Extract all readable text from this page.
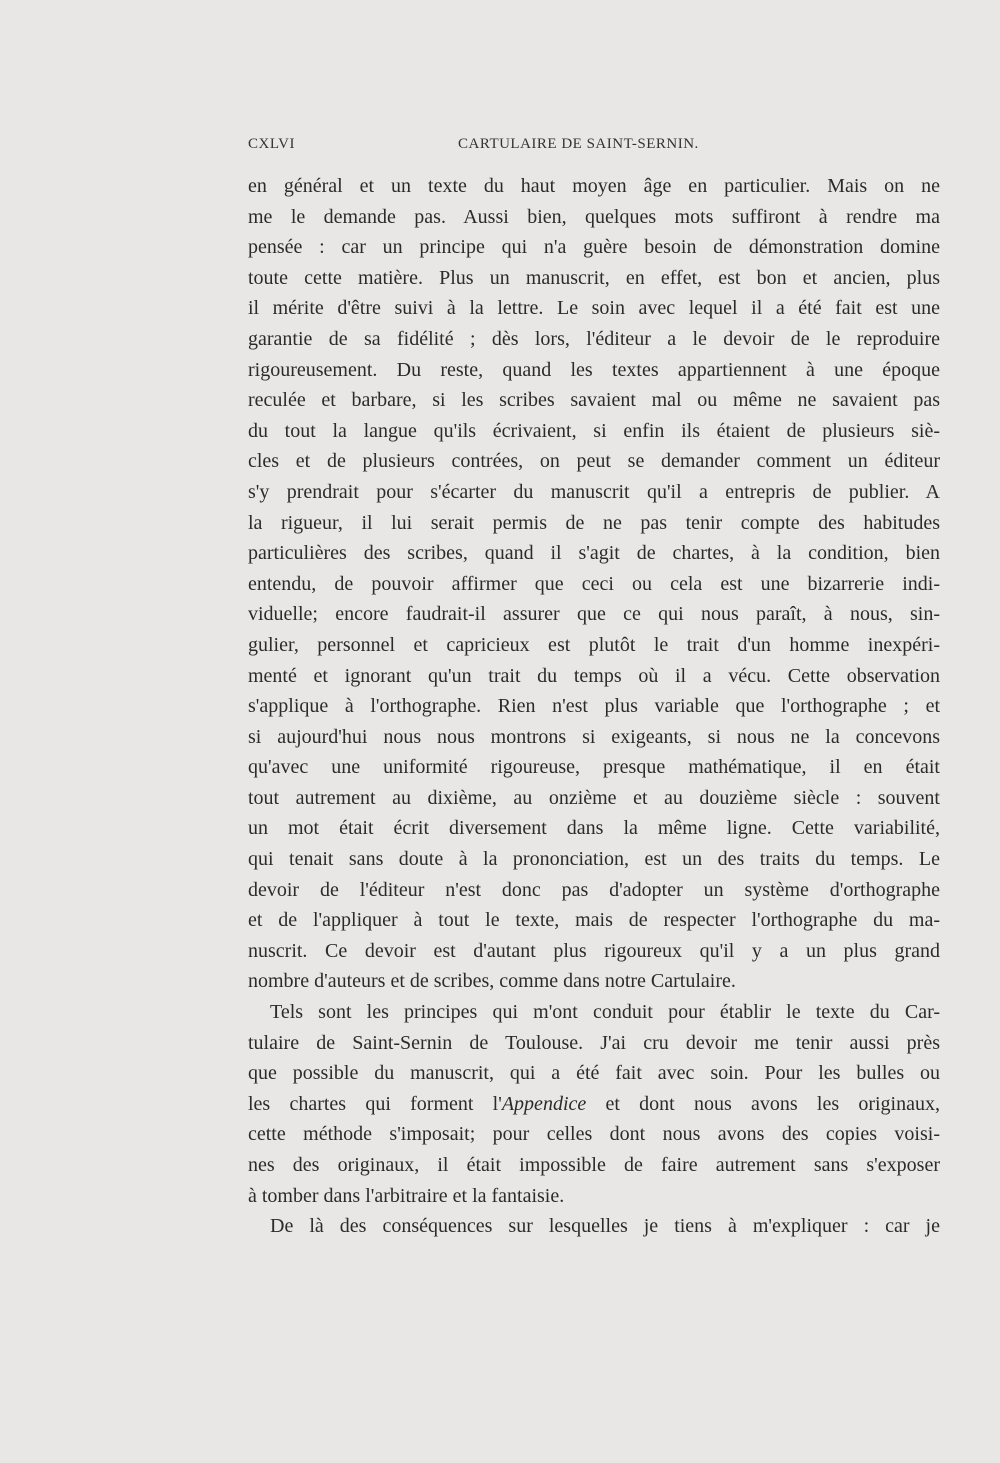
CXLVI	CARTULAIRE DE SAINT-SERNIN.
en général et un texte du haut moyen âge en particulier. Mais on ne
me le demande pas. Aussi bien, quelques mots suffiront à rendre ma
pensée : car un principe qui n'a guère besoin de démonstration domine
toute cette matière. Plus un manuscrit, en effet, est bon et ancien, plus
il mérite d'être suivi à la lettre. Le soin avec lequel il a été fait est une
garantie de sa fidélité ; dès lors, l'éditeur a le devoir de le reproduire
rigoureusement. Du reste, quand les textes appartiennent à une époque
reculée et barbare, si les scribes savaient mal ou même ne savaient pas
du tout la langue qu'ils écrivaient, si enfin ils étaient de plusieurs siè-
cles et de plusieurs contrées, on peut se demander comment un éditeur
s'y prendrait pour s'écarter du manuscrit qu'il a entrepris de publier. A
la rigueur, il lui serait permis de ne pas tenir compte des habitudes
particulières des scribes, quand il s'agit de chartes, à la condition, bien
entendu, de pouvoir affirmer que ceci ou cela est une bizarrerie indi-
viduelle; encore faudrait-il assurer que ce qui nous paraît, à nous, sin-
gulier, personnel et capricieux est plutôt le trait d'un homme inexpéri-
menté et ignorant qu'un trait du temps où il a vécu. Cette observation
s'applique à l'orthographe. Rien n'est plus variable que l'orthographe ; et
si aujourd'hui nous nous montrons si exigeants, si nous ne la concevons
qu'avec une uniformité rigoureuse, presque mathématique, il en était
tout autrement au dixième, au onzième et au douzième siècle : souvent
un mot était écrit diversement dans la même ligne. Cette variabilité,
qui tenait sans doute à la prononciation, est un des traits du temps. Le
devoir de l'éditeur n'est donc pas d'adopter un système d'orthographe
et de l'appliquer à tout le texte, mais de respecter l'orthographe du ma-
nuscrit. Ce devoir est d'autant plus rigoureux qu'il y a un plus grand
nombre d'auteurs et de scribes, comme dans notre Cartulaire.
Tels sont les principes qui m'ont conduit pour établir le texte du Car-
tulaire de Saint-Sernin de Toulouse. J'ai cru devoir me tenir aussi près
que possible du manuscrit, qui a été fait avec soin. Pour les bulles ou
les chartes qui forment l'Appendice et dont nous avons les originaux,
cette méthode s'imposait; pour celles dont nous avons des copies voisi-
nes des originaux, il était impossible de faire autrement sans s'exposer
à tomber dans l'arbitraire et la fantaisie.
De là des conséquences sur lesquelles je tiens à m'expliquer : car je
